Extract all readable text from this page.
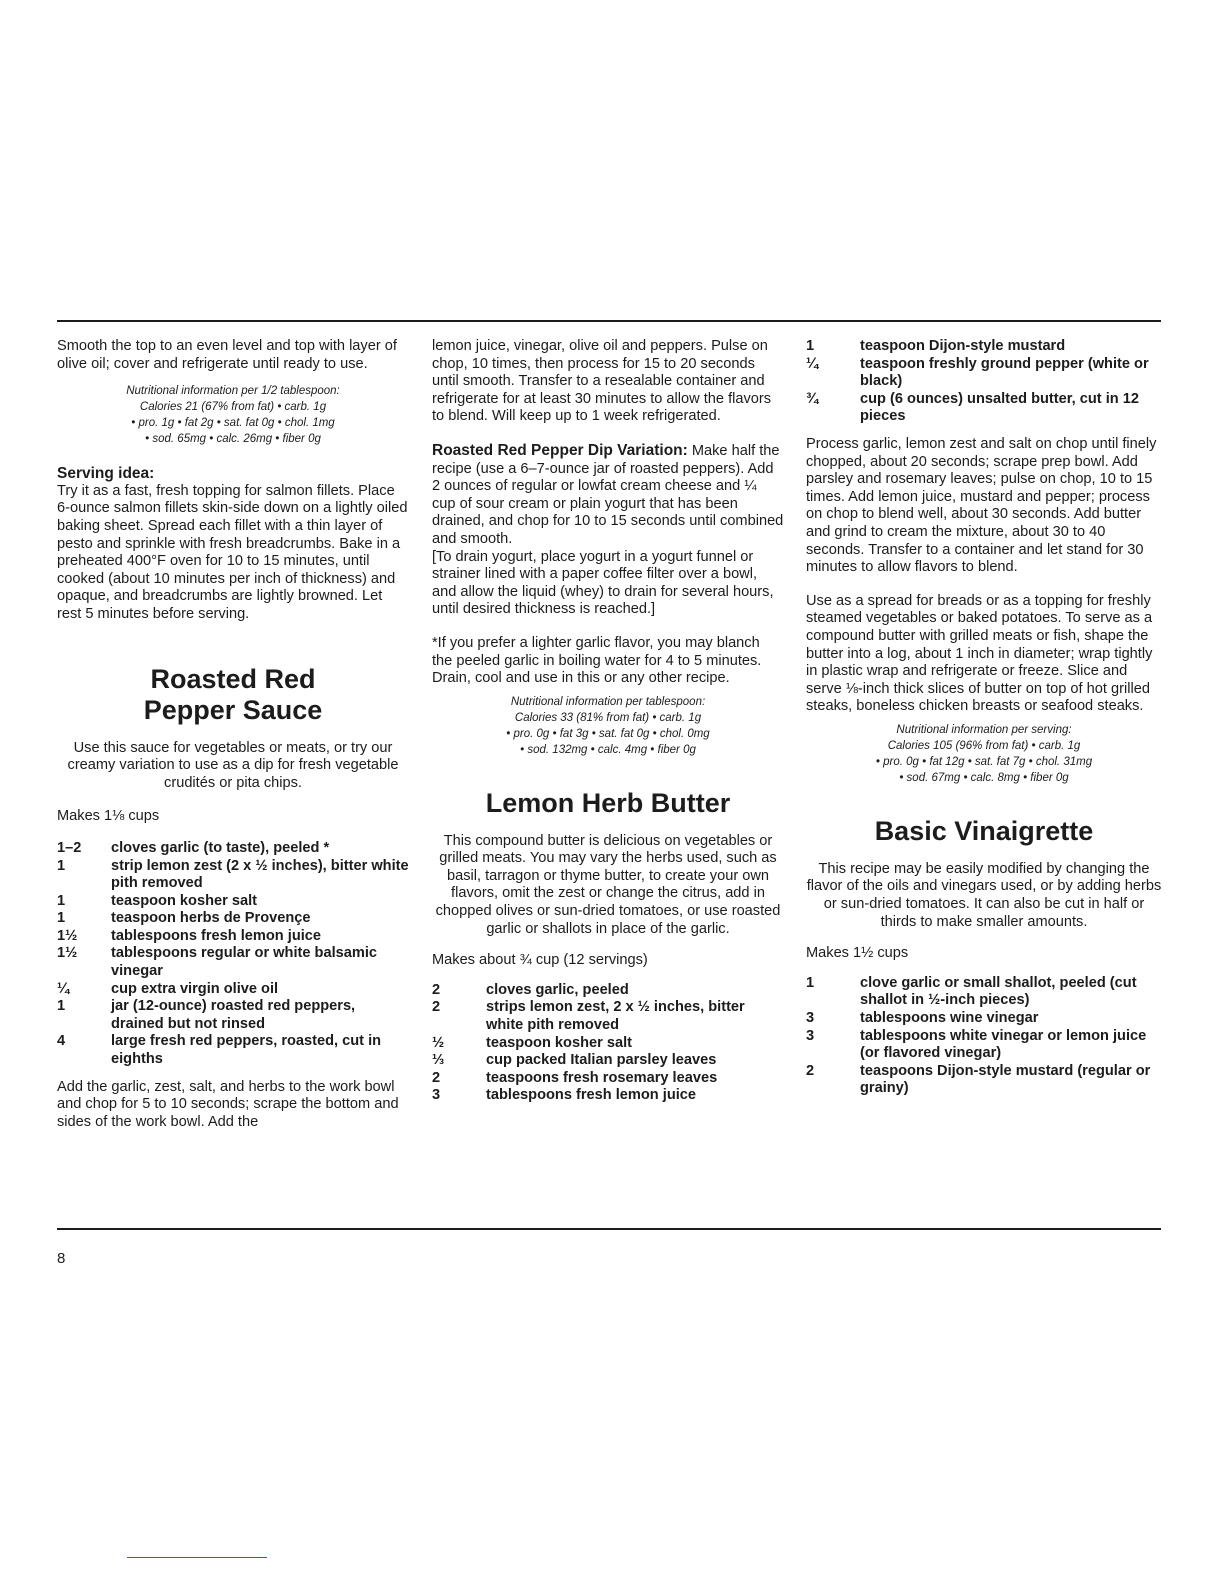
Smooth the top to an even level and top with layer of olive oil; cover and refrigerate until ready to use.

Nutritional information per 1/2 tablespoon:
Calories 21 (67% from fat) • carb. 1g
• pro. 1g • fat 2g • sat. fat 0g • chol. 1mg
• sod. 65mg • calc. 26mg • fiber 0g

Serving idea:

Try it as a fast, fresh topping for salmon fillets. Place 6-ounce salmon fillets skin-side down on a lightly oiled baking sheet. Spread each fillet with a thin layer of pesto and sprinkle with fresh breadcrumbs. Bake in a preheated 400°F oven for 10 to 15 minutes, until cooked (about 10 minutes per inch of thickness) and opaque, and breadcrumbs are lightly browned. Let rest 5 minutes before serving.

Roasted Red
Pepper Sauce

Use this sauce for vegetables or meats, or try our creamy variation to use as a dip for fresh vegetable crudités or pita chips.

Makes 1⅛ cups

1–2	cloves garlic (to taste), peeled *
1	strip lemon zest (2 x ½ inches), bitter white pith removed
1	teaspoon kosher salt
1	teaspoon herbs de Provençe
1½	tablespoons fresh lemon juice
1½	tablespoons regular or white balsamic vinegar
¼	cup extra virgin olive oil
1	jar (12-ounce) roasted red peppers, drained but not rinsed
4	large fresh red peppers, roasted, cut in eighths

Add the garlic, zest, salt, and herbs to the work bowl and chop for 5 to 10 seconds; scrape the bottom and sides of the work bowl. Add the

lemon juice, vinegar, olive oil and peppers. Pulse on chop, 10 times, then process for 15 to 20 seconds until smooth. Transfer to a resealable container and refrigerate for at least 30 minutes to allow the flavors to blend. Will keep up to 1 week refrigerated.

Roasted Red Pepper Dip Variation: Make half the recipe (use a 6–7-ounce jar of roasted peppers). Add 2 ounces of regular or lowfat cream cheese and ¼ cup of sour cream or plain yogurt that has been drained, and chop for 10 to 15 seconds until combined and smooth.

[To drain yogurt, place yogurt in a yogurt funnel or strainer lined with a paper coffee filter over a bowl, and allow the liquid (whey) to drain for several hours, until desired thickness is reached.]

*If you prefer a lighter garlic flavor, you may blanch the peeled garlic in boiling water for 4 to 5 minutes. Drain, cool and use in this or any other recipe.

Nutritional information per tablespoon:
Calories 33 (81% from fat) • carb. 1g
• pro. 0g • fat 3g • sat. fat 0g • chol. 0mg
• sod. 132mg • calc. 4mg • fiber 0g
Lemon Herb Butter

This compound butter is delicious on vegetables or grilled meats. You may vary the herbs used, such as basil, tarragon or thyme butter, to create your own flavors, omit the zest or change the citrus, add in chopped olives or sun-dried tomatoes, or use roasted garlic or shallots in place of the garlic.

Makes about ¾ cup (12 servings)

2	cloves garlic, peeled
2	strips lemon zest, 2 x ½ inches, bitter white pith removed
½	teaspoon kosher salt
⅓	cup packed Italian parsley leaves
2	teaspoons fresh rosemary leaves
3	tablespoons fresh lemon juice
1	teaspoon Dijon-style mustard
¼	teaspoon freshly ground pepper (white or black)
¾	cup (6 ounces) unsalted butter, cut in 12 pieces

Process garlic, lemon zest and salt on chop until finely chopped, about 20 seconds; scrape prep bowl. Add parsley and rosemary leaves; pulse on chop, 10 to 15 times. Add lemon juice, mustard and pepper; process on chop to blend well, about 30 seconds. Add butter and grind to cream the mixture, about 30 to 40 seconds. Transfer to a container and let stand for 30 minutes to allow flavors to blend.

Use as a spread for breads or as a topping for freshly steamed vegetables or baked potatoes. To serve as a compound butter with grilled meats or fish, shape the butter into a log, about 1 inch in diameter; wrap tightly in plastic wrap and refrigerate or freeze. Slice and serve ⅛-inch thick slices of butter on top of hot grilled steaks, boneless chicken breasts or seafood steaks.

Nutritional information per serving:
Calories 105 (96% from fat) • carb. 1g
• pro. 0g • fat 12g • sat. fat 7g • chol. 31mg
• sod. 67mg • calc. 8mg • fiber 0g
Basic Vinaigrette

This recipe may be easily modified by changing the flavor of the oils and vinegars used, or by adding herbs or sun-dried tomatoes. It can also be cut in half or thirds to make smaller amounts.

Makes 1½ cups

1	clove garlic or small shallot, peeled (cut shallot in ½-inch pieces)
3	tablespoons wine vinegar
3	tablespoons white vinegar or lemon juice (or flavored vinegar)
2	teaspoons Dijon-style mustard (regular or grainy)
8
